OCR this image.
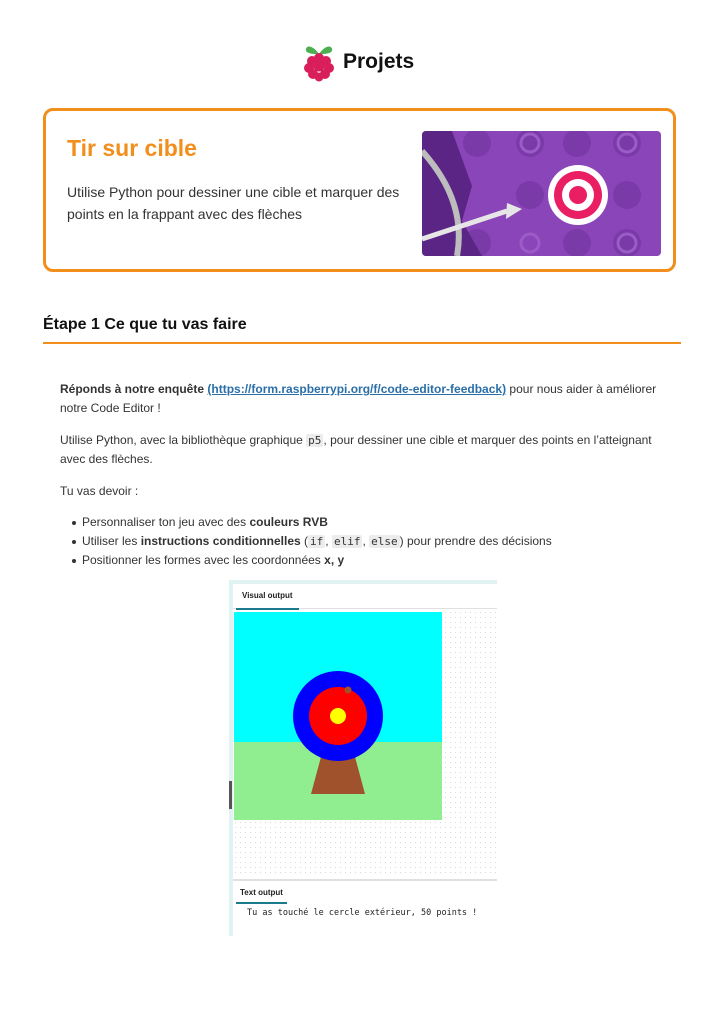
Projets
Tir sur cible
Utilise Python pour dessiner une cible et marquer des points en la frappant avec des flèches
Étape 1 Ce que tu vas faire
Réponds à notre enquête (https://form.raspberrypi.org/f/code-editor-feedback) pour nous aider à améliorer notre Code Editor !
Utilise Python, avec la bibliothèque graphique p5 , pour dessiner une cible et marquer des points en l’atteignant avec des flèches.
Tu vas devoir :
Personnaliser ton jeu avec des couleurs RVB
Utiliser les instructions conditionnelles ( if , elif , else ) pour prendre des décisions
Positionner les formes avec les coordonnées x, y
Visual output
Text output
Tu as touché le cercle extérieur, 50 points !
